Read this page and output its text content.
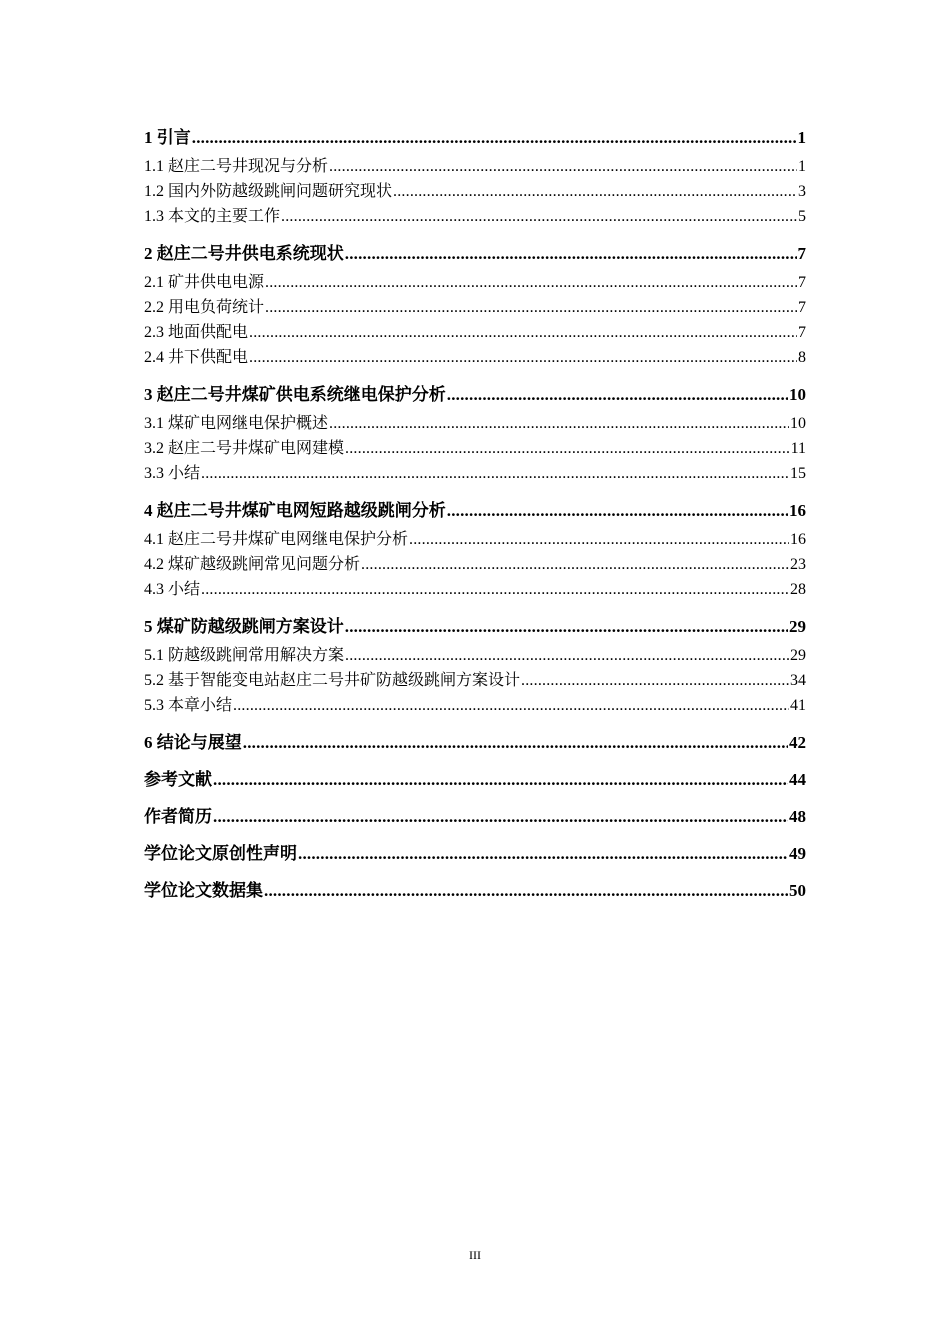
1 引言 .....	1
1.1 赵庄二号井现况与分析 .....	1
1.2 国内外防越级跳闸问题研究现状 .....	3
1.3 本文的主要工作 .....	5
2 赵庄二号井供电系统现状 .....	7
2.1 矿井供电电源 .....	7
2.2 用电负荷统计 .....	7
2.3 地面供配电 .....	7
2.4 井下供配电 .....	8
3 赵庄二号井煤矿供电系统继电保护分析 .....	10
3.1 煤矿电网继电保护概述 .....	10
3.2 赵庄二号井煤矿电网建模 .....	11
3.3 小结 .....	15
4 赵庄二号井煤矿电网短路越级跳闸分析 .....	16
4.1 赵庄二号井煤矿电网继电保护分析 .....	16
4.2 煤矿越级跳闸常见问题分析 .....	23
4.3 小结 .....	28
5 煤矿防越级跳闸方案设计 .....	29
5.1 防越级跳闸常用解决方案 .....	29
5.2 基于智能变电站赵庄二号井矿防越级跳闸方案设计 .....	34
5.3 本章小结 .....	41
6 结论与展望 .....	42
参考文献 .....	44
作者简历 .....	48
学位论文原创性声明 .....	49
学位论文数据集 .....	50
III
